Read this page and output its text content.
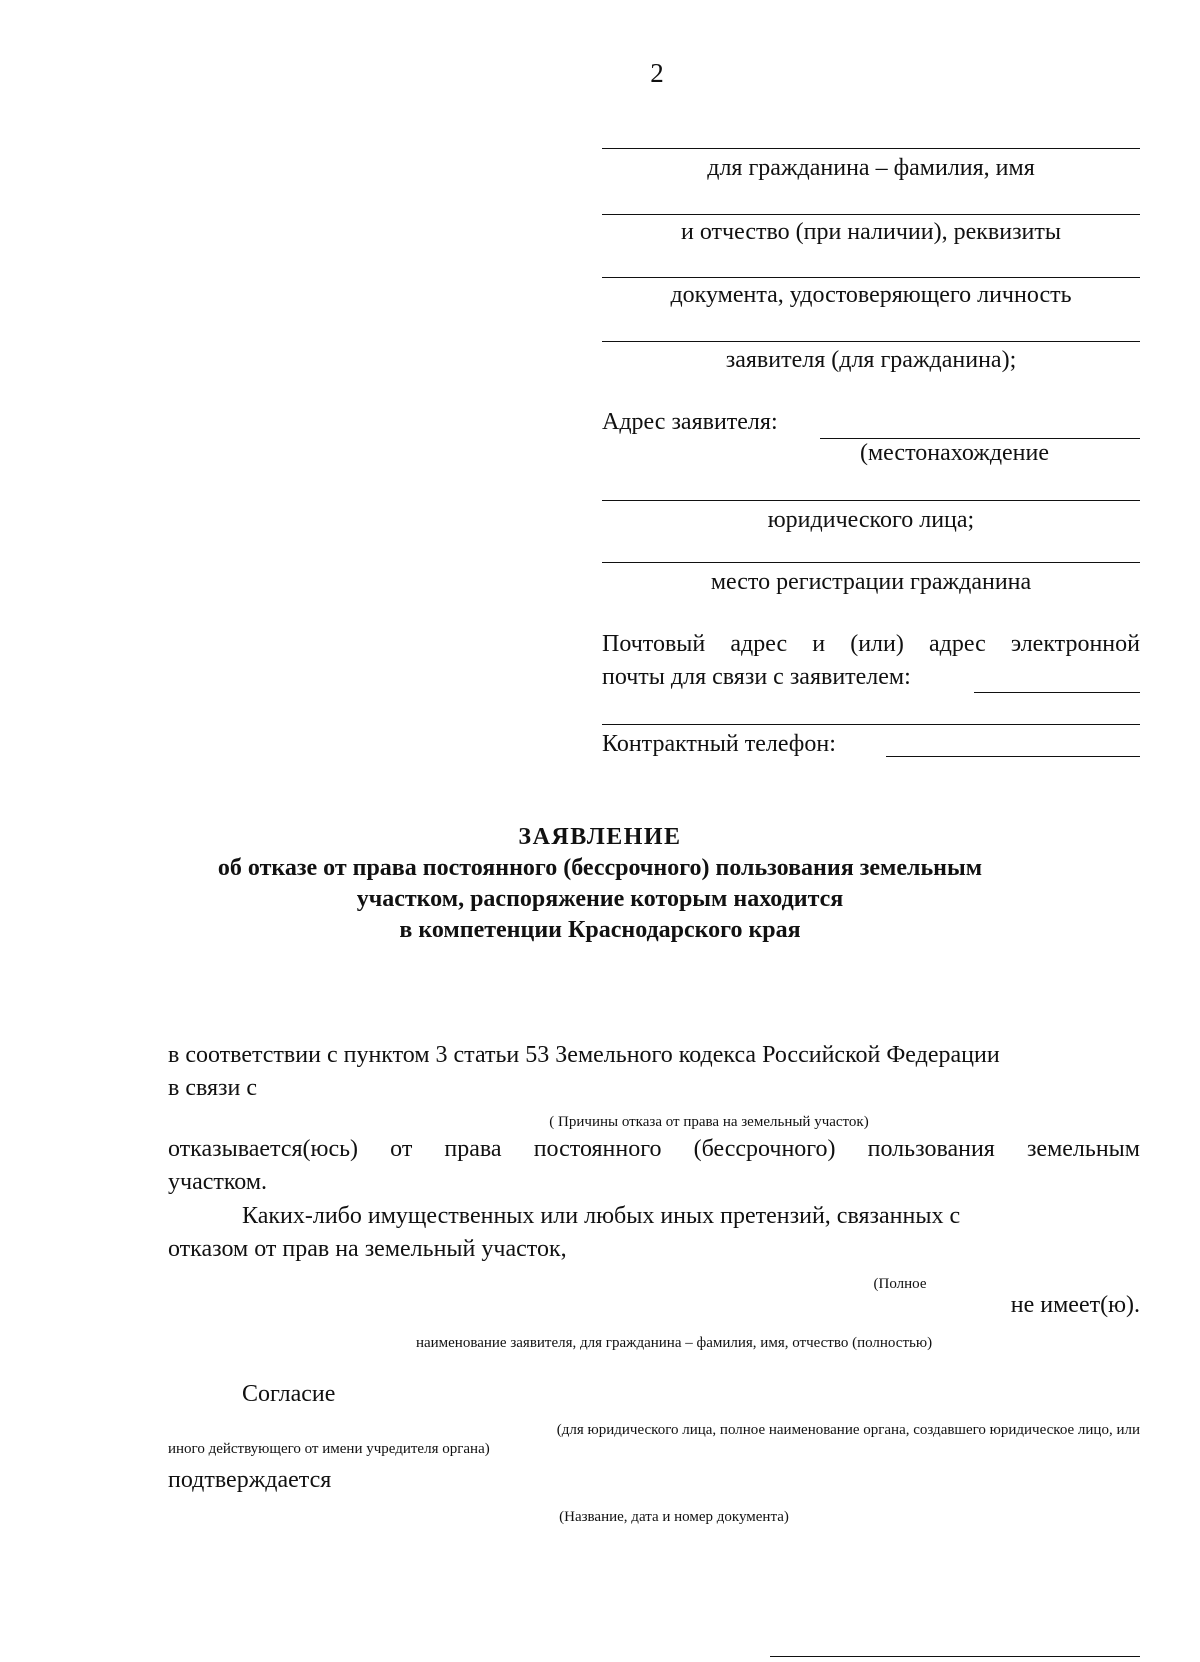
2
для гражданина – фамилия, имя
и отчество (при наличии), реквизиты
документа, удостоверяющего личность
заявителя (для гражданина);
Адрес заявителя:
(местонахождение
юридического лица;
место регистрации гражданина
Почтовый адрес и (или) адрес электронной
почты для связи с заявителем:
Контрактный телефон:
ЗАЯВЛЕНИЕ
об отказе от права постоянного (бессрочного) пользования земельным
участком, распоряжение которым находится
в компетенции Краснодарского края
в соответствии с пунктом 3 статьи 53 Земельного кодекса Российской Федерации
в связи с
( Причины отказа от права на земельный участок)
отказывается(юсь) от права постоянного (бессрочного) пользования земельным
участком.
Каких-либо имущественных или любых иных претензий, связанных с
отказом от прав на земельный участок,
(Полное
не имеет(ю).
наименование заявителя, для гражданина – фамилия, имя, отчество (полностью)
Согласие
(для юридического лица, полное наименование органа, создавшего юридическое лицо, или
иного действующего от имени учредителя органа)
подтверждается
(Название, дата и номер документа)
